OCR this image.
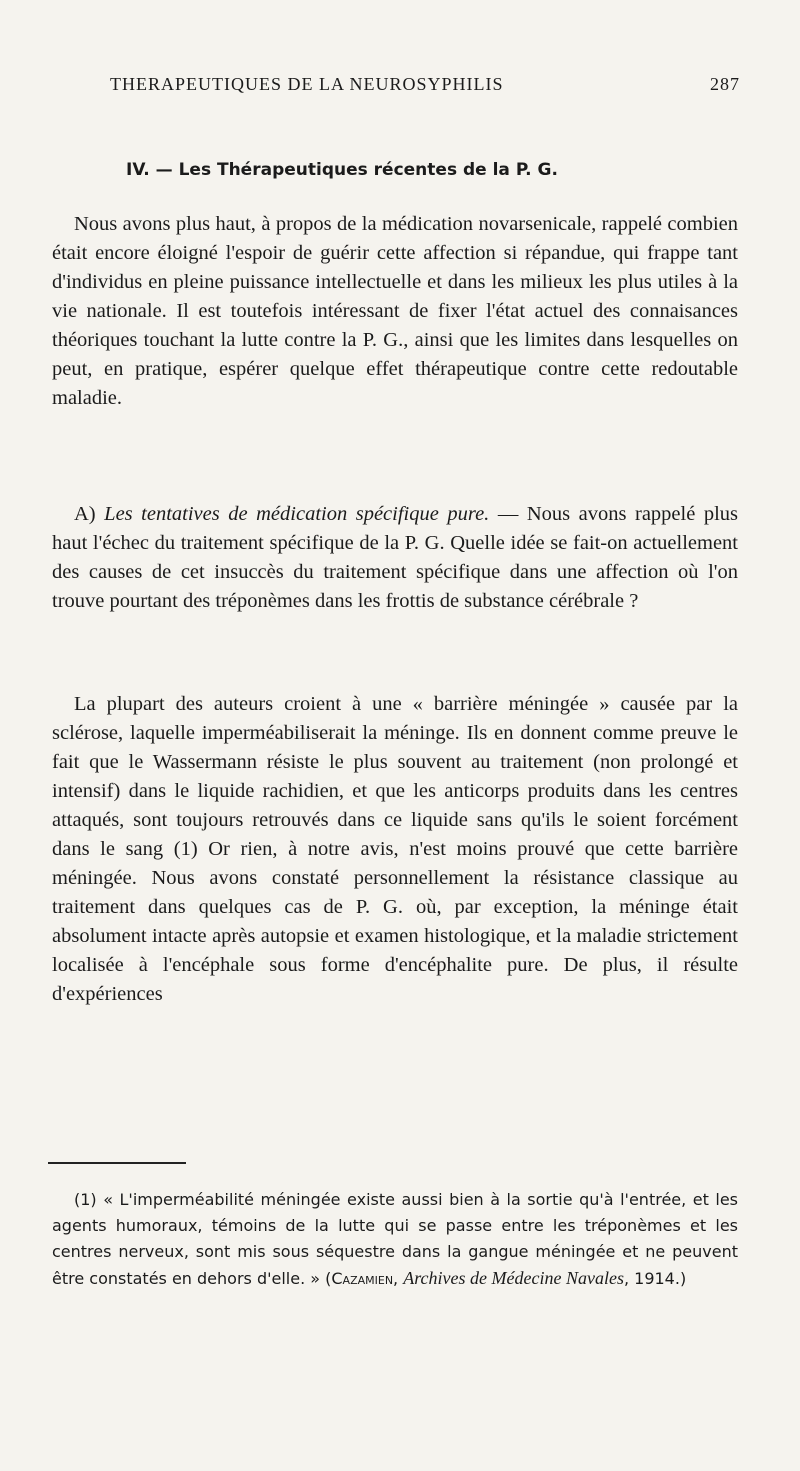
THERAPEUTIQUES DE LA NEUROSYPHILIS	287
IV. — Les Thérapeutiques récentes de la P. G.

Nous avons plus haut, à propos de la médication novarsenicale, rappelé combien était encore éloigné l'espoir de guérir cette affection si répandue, qui frappe tant d'individus en pleine puissance intellectuelle et dans les milieux les plus utiles à la vie nationale. Il est toutefois intéressant de fixer l'état actuel des connaisances théoriques touchant la lutte contre la P. G., ainsi que les limites dans lesquelles on peut, en pratique, espérer quelque effet thérapeutique contre cette redoutable maladie.

A) Les tentatives de médication spécifique pure. — Nous avons rappelé plus haut l'échec du traitement spécifique de la P. G. Quelle idée se fait-on actuellement des causes de cet insuccès du traitement spécifique dans une affection où l'on trouve pourtant des tréponèmes dans les frottis de substance cérébrale ?

La plupart des auteurs croient à une « barrière méningée » causée par la sclérose, laquelle imperméabiliserait la méninge. Ils en donnent comme preuve le fait que le Wassermann résiste le plus souvent au traitement (non prolongé et intensif) dans le liquide rachidien, et que les anticorps produits dans les centres attaqués, sont toujours retrouvés dans ce liquide sans qu'ils le soient forcément dans le sang (1) Or rien, à notre avis, n'est moins prouvé que cette barrière méningée. Nous avons constaté personnellement la résistance classique au traitement dans quelques cas de P. G. où, par exception, la méninge était absolument intacte après autopsie et examen histologique, et la maladie strictement localisée à l'encéphale sous forme d'encéphalite pure. De plus, il résulte d'expériences

(1) « L'imperméabilité méningée existe aussi bien à la sortie qu'à l'entrée, et les agents humoraux, témoins de la lutte qui se passe entre les tréponèmes et les centres nerveux, sont mis sous séquestre dans la gangue méningée et ne peuvent être constatés en dehors d'elle. » (Cazamien, Archives de Médecine Navales, 1914.)
